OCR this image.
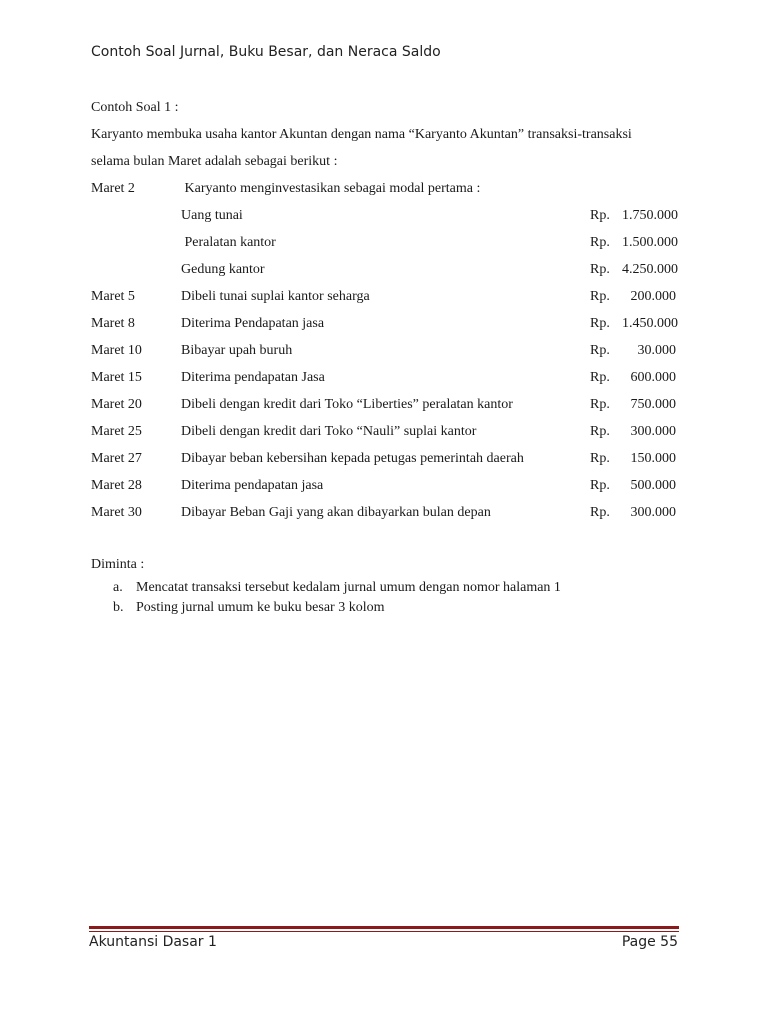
Contoh Soal Jurnal, Buku Besar, dan Neraca Saldo

Contoh Soal 1 :

Karyanto membuka usaha kantor Akuntan dengan nama “Karyanto Akuntan” transaksi-transaksi

selama bulan Maret adalah sebagai berikut :

Maret 2	Karyanto menginvestasikan sebagai modal pertama :
Uang tunai	Rp. 1.750.000
Peralatan kantor	Rp. 1.500.000
Gedung kantor	Rp. 4.250.000
Maret 5	Dibeli tunai suplai kantor seharga	Rp.	200.000
Maret 8	Diterima Pendapatan jasa	Rp. 1.450.000
Maret 10	Bibayar upah buruh	Rp.	30.000
Maret 15	Diterima pendapatan Jasa	Rp.	600.000
Maret 20	Dibeli dengan kredit dari Toko “Liberties” peralatan kantor	Rp.	750.000
Maret 25	Dibeli dengan kredit dari Toko “Nauli” suplai kantor	Rp.	300.000
Maret 27	Dibayar beban kebersihan kepada petugas pemerintah daerah	Rp.	150.000
Maret 28	Diterima pendapatan jasa	Rp.	500.000
Maret 30	Dibayar Beban Gaji yang akan dibayarkan bulan depan	Rp.	300.000

Diminta :

a. Mencatat transaksi tersebut kedalam jurnal umum dengan nomor halaman 1
b. Posting jurnal umum ke buku besar 3 kolom
Akuntansi Dasar 1	Page 55
